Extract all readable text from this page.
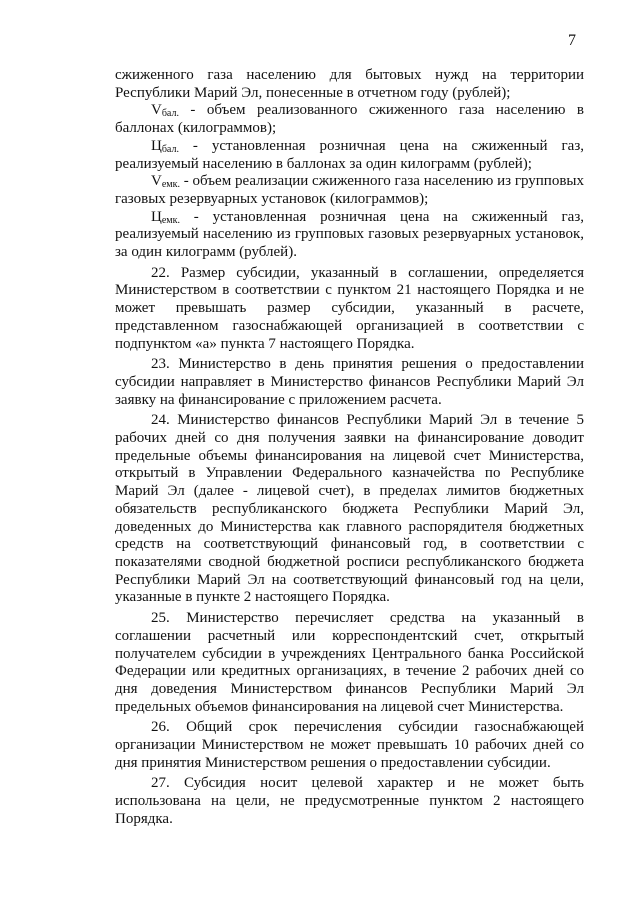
7

сжиженного газа населению для бытовых нужд на территории Республики Марий Эл, понесенные в отчетном году (рублей);

$V_{бал.}$ - объем реализованного сжиженного газа населению в баллонах (килограммов);

$Ц_{бал.}$ - установленная розничная цена на сжиженный газ, реализуемый населению в баллонах за один килограмм (рублей);

$V_{емк.}$ - объем реализации сжиженного газа населению из групповых газовых резервуарных установок (килограммов);

$Ц_{емк.}$ - установленная розничная цена на сжиженный газ, реализуемый населению из групповых газовых резервуарных установок, за один килограмм (рублей).

22. Размер субсидии, указанный в соглашении, определяется Министерством в соответствии с пунктом 21 настоящего Порядка и не может превышать размер субсидии, указанный в расчете, представленном газоснабжающей организацией в соответствии с подпунктом «а» пункта 7 настоящего Порядка.

23. Министерство в день принятия решения о предоставлении субсидии направляет в Министерство финансов Республики Марий Эл заявку на финансирование с приложением расчета.

24. Министерство финансов Республики Марий Эл в течение 5 рабочих дней со дня получения заявки на финансирование доводит предельные объемы финансирования на лицевой счет Министерства, открытый в Управлении Федерального казначейства по Республике Марий Эл (далее - лицевой счет), в пределах лимитов бюджетных обязательств республиканского бюджета Республики Марий Эл, доведенных до Министерства как главного распорядителя бюджетных средств на соответствующий финансовый год, в соответствии с показателями сводной бюджетной росписи республиканского бюджета Республики Марий Эл на соответствующий финансовый год на цели, указанные в пункте 2 настоящего Порядка.

25. Министерство перечисляет средства на указанный в соглашении расчетный или корреспондентский счет, открытый получателем субсидии в учреждениях Центрального банка Российской Федерации или кредитных организациях, в течение 2 рабочих дней со дня доведения Министерством финансов Республики Марий Эл предельных объемов финансирования на лицевой счет Министерства.

26. Общий срок перечисления субсидии газоснабжающей организации Министерством не может превышать 10 рабочих дней со дня принятия Министерством решения о предоставлении субсидии.

27. Субсидия носит целевой характер и не может быть использована на цели, не предусмотренные пунктом 2 настоящего Порядка.
